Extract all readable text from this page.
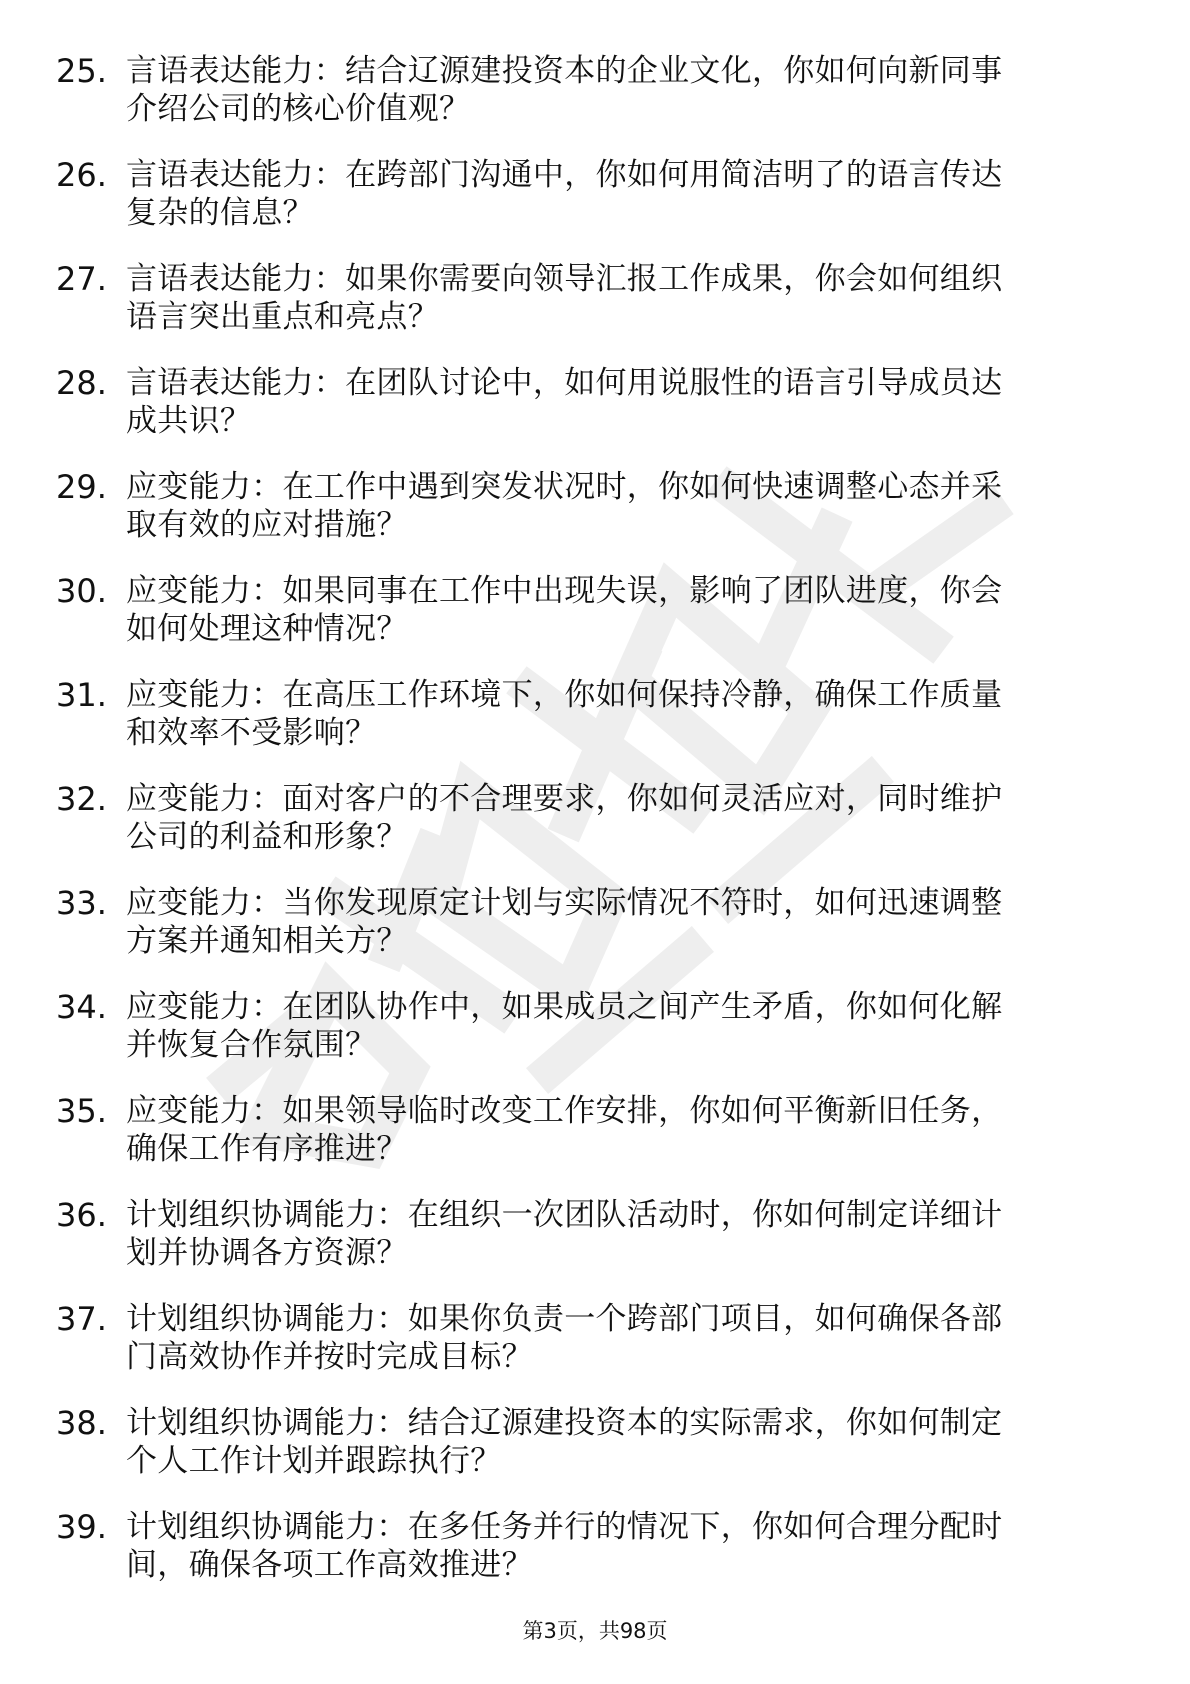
25. 言语表达能力：结合辽源建投资本的企业文化，你如何向新同事
介绍公司的核心价值观？
26. 言语表达能力：在跨部门沟通中，你如何用简洁明了的语言传达
复杂的信息？
27. 言语表达能力：如果你需要向领导汇报工作成果，你会如何组织
语言突出重点和亮点？
28. 言语表达能力：在团队讨论中，如何用说服性的语言引导成员达
成共识？
29. 应变能力：在工作中遇到突发状况时，你如何快速调整心态并采
取有效的应对措施？
30. 应变能力：如果同事在工作中出现失误，影响了团队进度，你会
如何处理这种情况？
31. 应变能力：在高压工作环境下，你如何保持冷静，确保工作质量
和效率不受影响？
32. 应变能力：面对客户的不合理要求，你如何灵活应对，同时维护
公司的利益和形象？
33. 应变能力：当你发现原定计划与实际情况不符时，如何迅速调整
方案并通知相关方？
34. 应变能力：在团队协作中，如果成员之间产生矛盾，你如何化解
并恢复合作氛围？
35. 应变能力：如果领导临时改变工作安排，你如何平衡新旧任务，
确保工作有序推进？
36. 计划组织协调能力：在组织一次团队活动时，你如何制定详细计
划并协调各方资源？
37. 计划组织协调能力：如果你负责一个跨部门项目，如何确保各部
门高效协作并按时完成目标？
38. 计划组织协调能力：结合辽源建投资本的实际需求，你如何制定
个人工作计划并跟踪执行？
39. 计划组织协调能力：在多任务并行的情况下，你如何合理分配时
间，确保各项工作高效推进？
第3页，共98页
